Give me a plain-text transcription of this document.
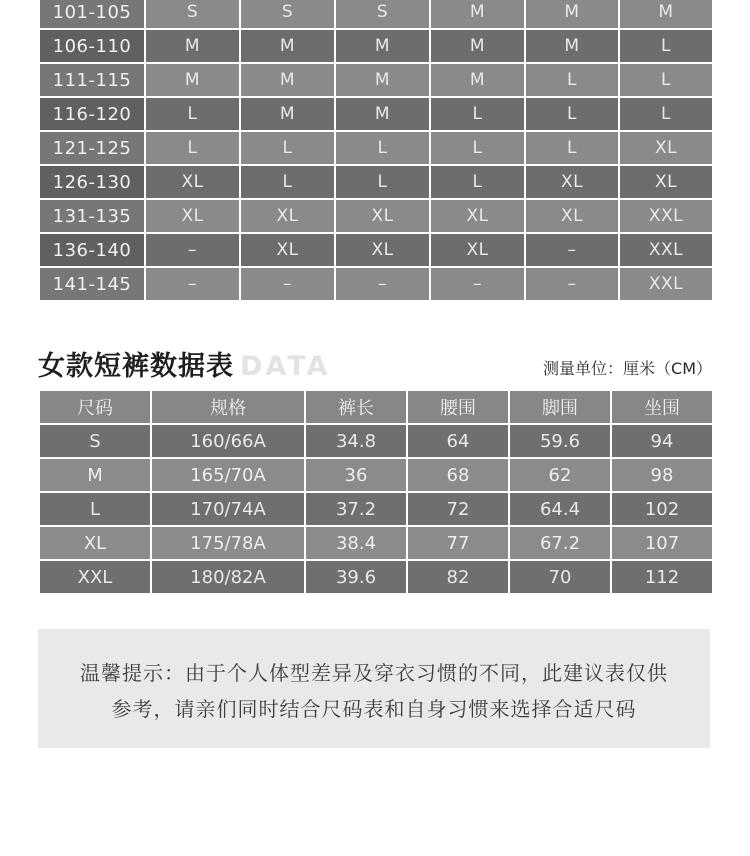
101-105	S	S	S	M	M	M
106-110	M	M	M	M	M	L
111-115	M	M	M	M	L	L
116-120	L	M	M	L	L	L
121-125	L	L	L	L	L	XL
126-130	XL	L	L	L	XL	XL
131-135	XL	XL	XL	XL	XL	XXL
136-140	–	XL	XL	XL	–	XXL
141-145	–	–	–	–	–	XXL
女款短裤数据表 DATA	测量单位：厘米（CM）
尺码	规格	裤长	腰围	脚围	坐围
S	160/66A	34.8	64	59.6	94
M	165/70A	36	68	62	98
L	170/74A	37.2	72	64.4	102
XL	175/78A	38.4	77	67.2	107
XXL	180/82A	39.6	82	70	112
温馨提示：由于个人体型差异及穿衣习惯的不同，此建议表仅供
参考，请亲们同时结合尺码表和自身习惯来选择合适尺码
